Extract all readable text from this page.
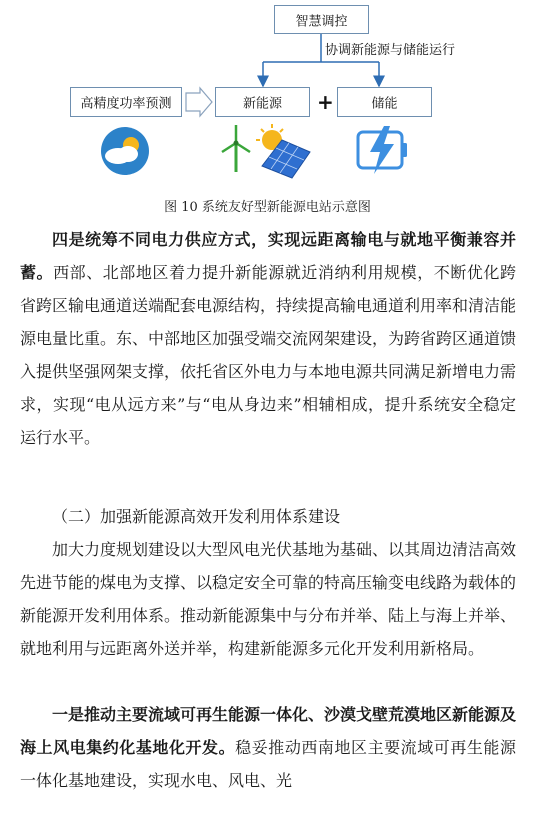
智慧调控
协调新能源与储能运行
高精度功率预测	新能源	+	储能
图 10 系统友好型新能源电站示意图

四是统筹不同电力供应方式，实现远距离输电与就地平衡兼容并蓄。西部、北部地区着力提升新能源就近消纳利用规模，不断优化跨省跨区输电通道送端配套电源结构，持续提高输电通道利用率和清洁能源电量比重。东、中部地区加强受端交流网架建设，为跨省跨区通道馈入提供坚强网架支撑，依托省区外电力与本地电源共同满足新增电力需求，实现“电从远方来”与“电从身边来”相辅相成，提升系统安全稳定运行水平。

（二）加强新能源高效开发利用体系建设

加大力度规划建设以大型风电光伏基地为基础、以其周边清洁高效先进节能的煤电为支撑、以稳定安全可靠的特高压输变电线路为载体的新能源开发利用体系。推动新能源集中与分布并举、陆上与海上并举、就地利用与远距离外送并举，构建新能源多元化开发利用新格局。

一是推动主要流域可再生能源一体化、沙漠戈壁荒漠地区新能源及海上风电集约化基地化开发。稳妥推动西南地区主要流域可再生能源一体化基地建设，实现水电、风电、光
